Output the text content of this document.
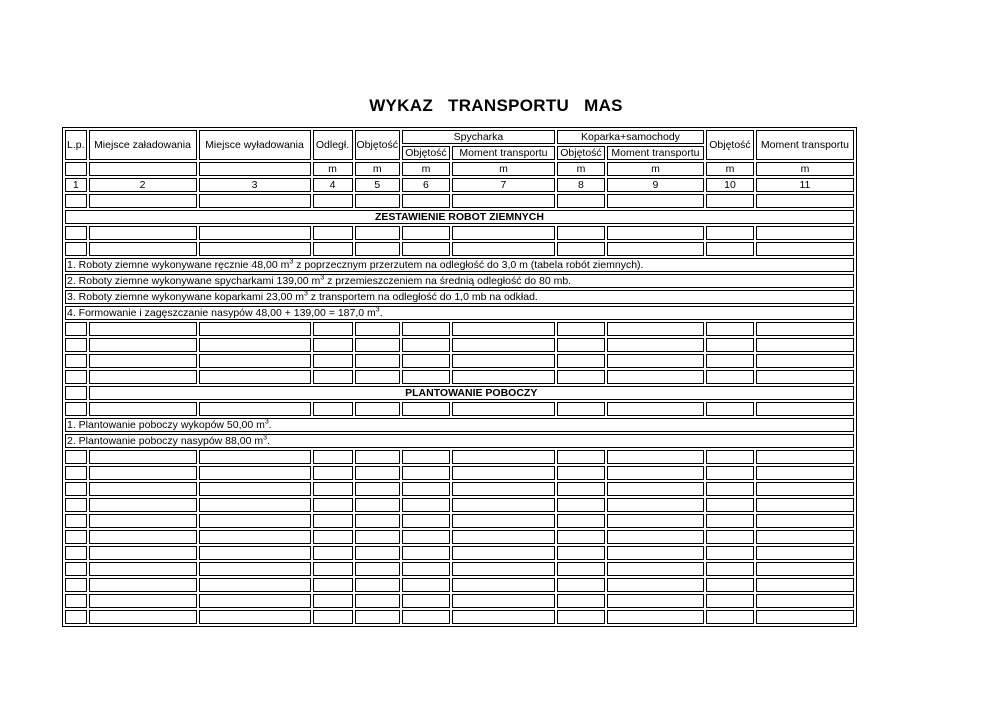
WYKAZ TRANSPORTU MAS
L.p.	Miejsce załadowania	Miejsce wyładowania	Odległ.	Objętość	Spycharka		Koparka+samochody		Objętość	Moment transportu
					Objętość	Moment transportu	Objętość	Moment transportu		
			m	m	m	m	m	m	m	m
1	2	3	4	5	6	7	8	9	10	11

ZESTAWIENIE ROBOT ZIEMNYCH										

1. Roboty ziemne wykonywane ręcznie 48,00 $m^3$ z poprzecznym przerzutem na odległość do 3,0 m (tabela robót ziemnych).										
2. Roboty ziemne wykonywane spycharkami 139,00 $m^3$ z przemieszczeniem na średnią odległość do 80 mb.										
3. Roboty ziemne wykonywane koparkami 23,00 $m^3$ z transportem na odległość do 1,0 mb na odkład.										
4. Formowanie i zagęszczanie nasypów 48,00 + 139,00 = 187,0 $m^3$.										

	PLANTOWANIE POBOCZY									

1. Plantowanie poboczy wykopów 50,00 $m^3$.										
2. Plantowanie poboczy nasypów 88,00 $m^3$.										
